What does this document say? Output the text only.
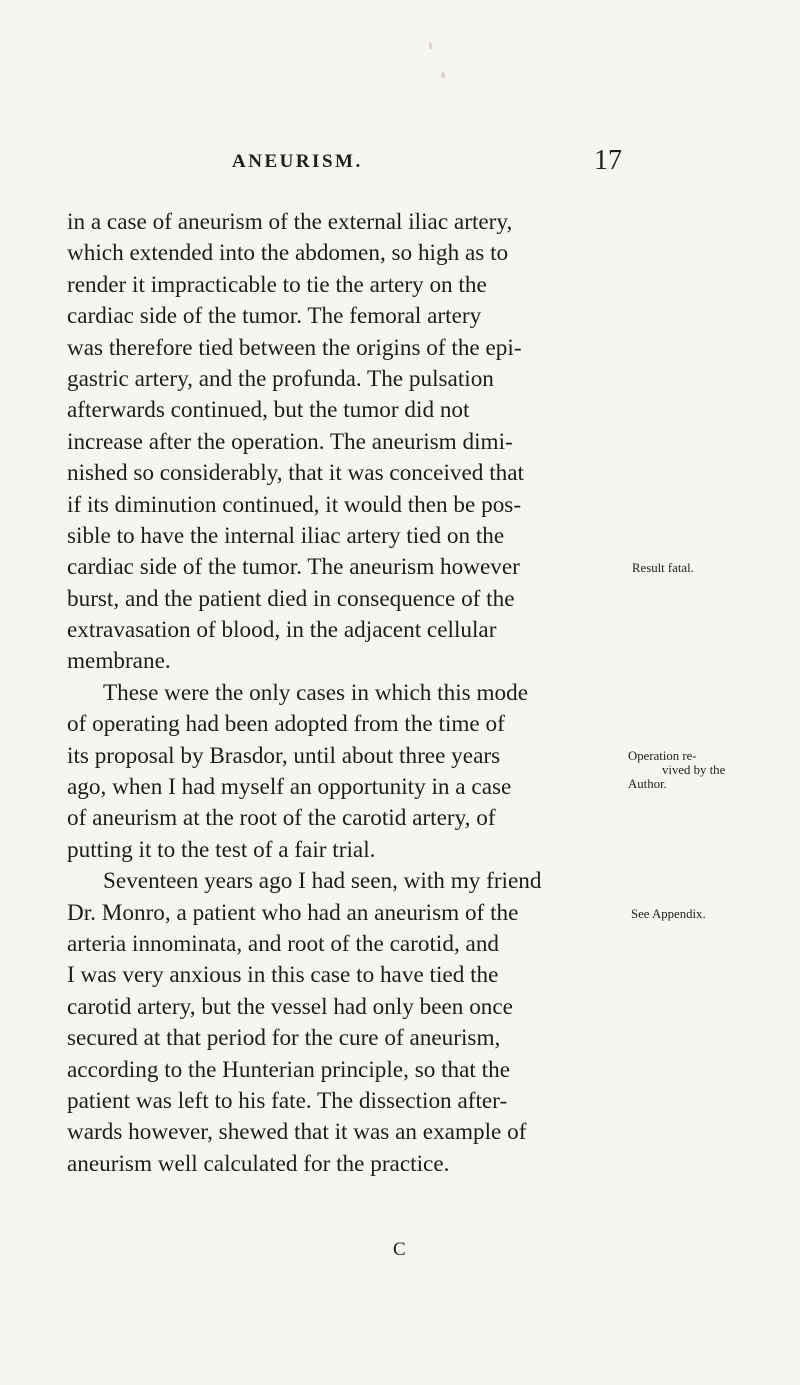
ANEURISM.	17
in a case of aneurism of the external iliac artery,
which extended into the abdomen, so high as to
render it impracticable to tie the artery on the
cardiac side of the tumor. The femoral artery
was therefore tied between the origins of the epi-
gastric artery, and the profunda. The pulsation
afterwards continued, but the tumor did not
increase after the operation. The aneurism dimi-
nished so considerably, that it was conceived that
if its diminution continued, it would then be pos-
sible to have the internal iliac artery tied on the
cardiac side of the tumor. The aneurism however	Result fatal.
burst, and the patient died in consequence of the
extravasation of blood, in the adjacent cellular
membrane.
These were the only cases in which this mode
of operating had been adopted from the time of
its proposal by Brasdor, until about three years	Operation re-
vived by the
Author.
ago, when I had myself an opportunity in a case
of aneurism at the root of the carotid artery, of
putting it to the test of a fair trial.
Seventeen years ago I had seen, with my friend
Dr. Monro, a patient who had an aneurism of the	See Appendix.
arteria innominata, and root of the carotid, and
I was very anxious in this case to have tied the
carotid artery, but the vessel had only been once
secured at that period for the cure of aneurism,
according to the Hunterian principle, so that the
patient was left to his fate. The dissection after-
wards however, shewed that it was an example of
aneurism well calculated for the practice.
C
